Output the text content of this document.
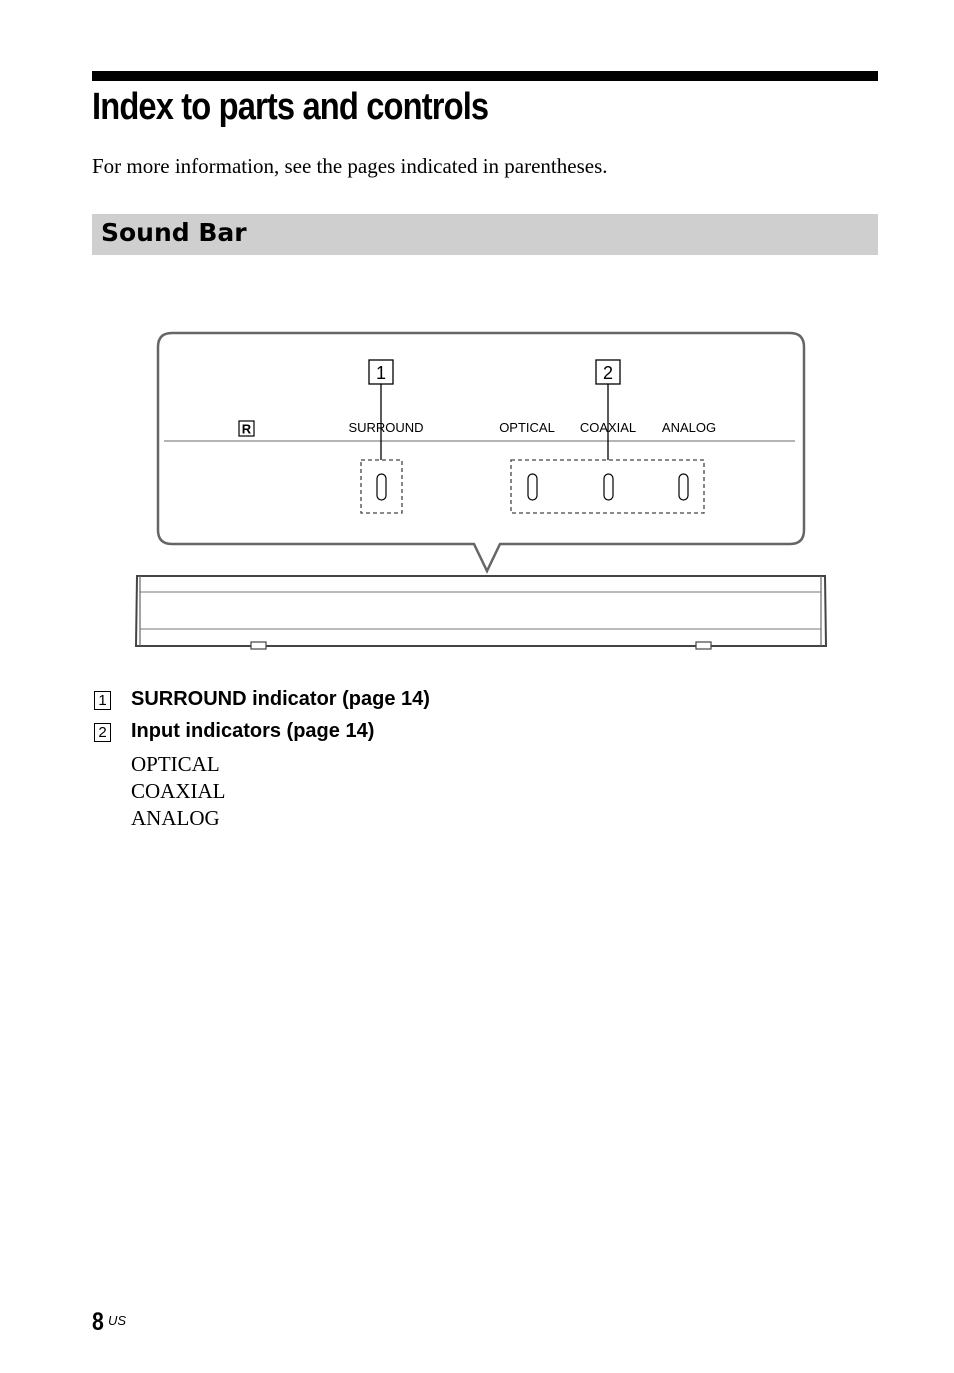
Index to parts and controls

For more information, see the pages indicated in parentheses.

Sound Bar
R	SURROUND	OPTICAL COAXIAL ANALOG
1	2
1 SURROUND indicator (page 14)
2 Input indicators (page 14)
OPTICAL
COAXIAL
ANALOG
8 US
